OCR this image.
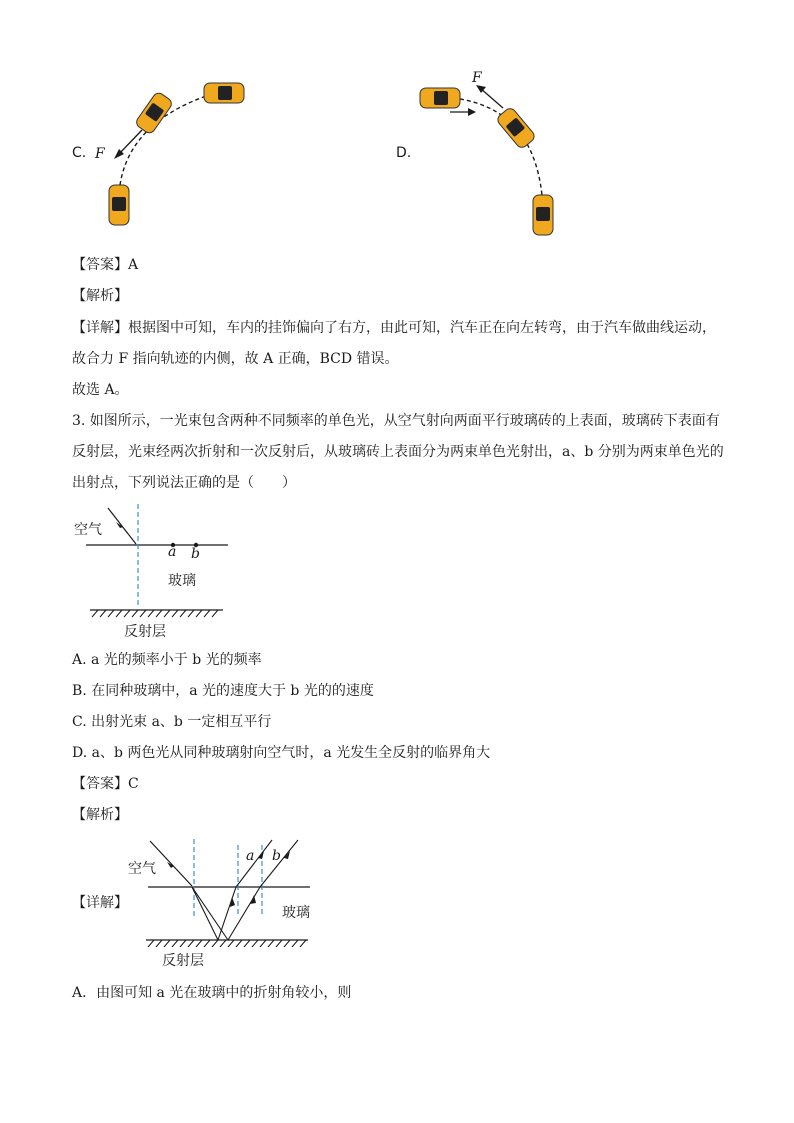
C. F	D.
F
【答案】A
【解析】
【详解】根据图中可知，车内的挂饰偏向了右方，由此可知，汽车正在向左转弯，由于汽车做曲线运动，
故合力 F 指向轨迹的内侧，故 A 正确，BCD 错误。
故选 A。
3. 如图所示，一光束包含两种不同频率的单色光，从空气射向两面平行玻璃砖的上表面，玻璃砖下表面有
反射层，光束经两次折射和一次反射后，从玻璃砖上表面分为两束单色光射出，a、b 分别为两束单色光的
出射点，下列说法正确的是（　　）
空气
a b
玻璃
反射层
A. a 光的频率小于 b 光的频率
B. 在同种玻璃中，a 光的速度大于 b 光的的速度
C. 出射光束 a、b 一定相互平行
D. a、b 两色光从同种玻璃射向空气时，a 光发生全反射的临界角大
【答案】C
【解析】
【详解】
空气
a b
玻璃
反射层
A．由图可知 a 光在玻璃中的折射角较小，则
